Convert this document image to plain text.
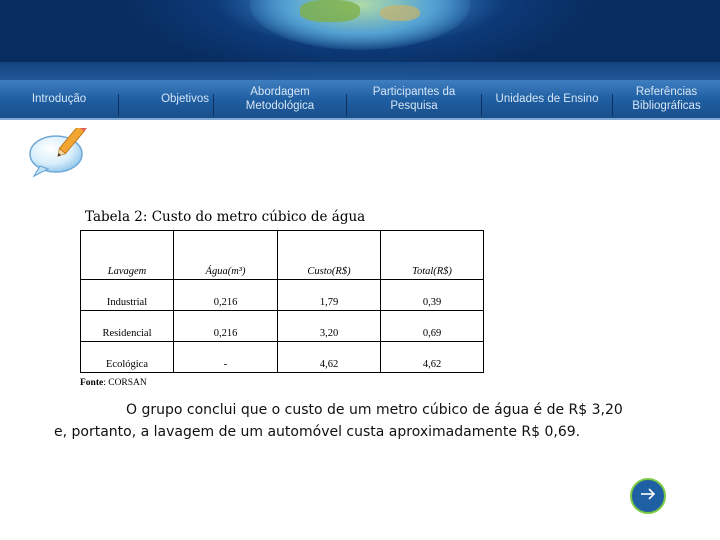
Introdução	Objetivos
Abordagem Metodológica
Participantes da Pesquisa
Unidades de Ensino
Referências Bibliográficas
Tabela 2: Custo do metro cúbico de água
Lavagem	Água(m³)	Custo(R$)	Total(R$)
Industrial	0,216	1,79	0,39
Residencial	0,216	3,20	0,69
Ecológica	-	4,62	4,62
Fonte: CORSAN
O grupo conclui que o custo de um metro cúbico de água é de R$ 3,20
e, portanto, a lavagem de um automóvel custa aproximadamente R$ 0,69.
